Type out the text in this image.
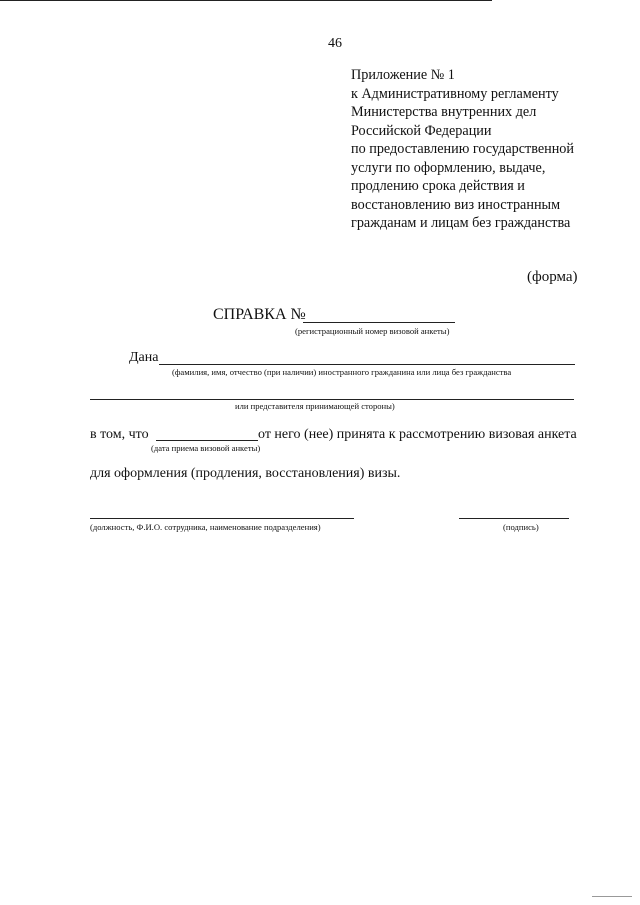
46
Приложение № 1
к Административному регламенту
Министерства внутренних дел
Российской Федерации
по предоставлению государственной
услуги по оформлению, выдаче,
продлению срока действия и
восстановлению виз иностранным
гражданам и лицам без гражданства
(форма)
СПРАВКА №
(регистрационный номер визовой анкеты)
Дана
(фамилия, имя, отчество (при наличии) иностранного гражданина или лица без гражданства
или представителя принимающей стороны)
в том, что	от него (нее) принята к рассмотрению визовая анкета
(дата приема визовой анкеты)
для оформления (продления, восстановления) визы.
(должность, Ф.И.О. сотрудника, наименование подразделения)	(подпись)
